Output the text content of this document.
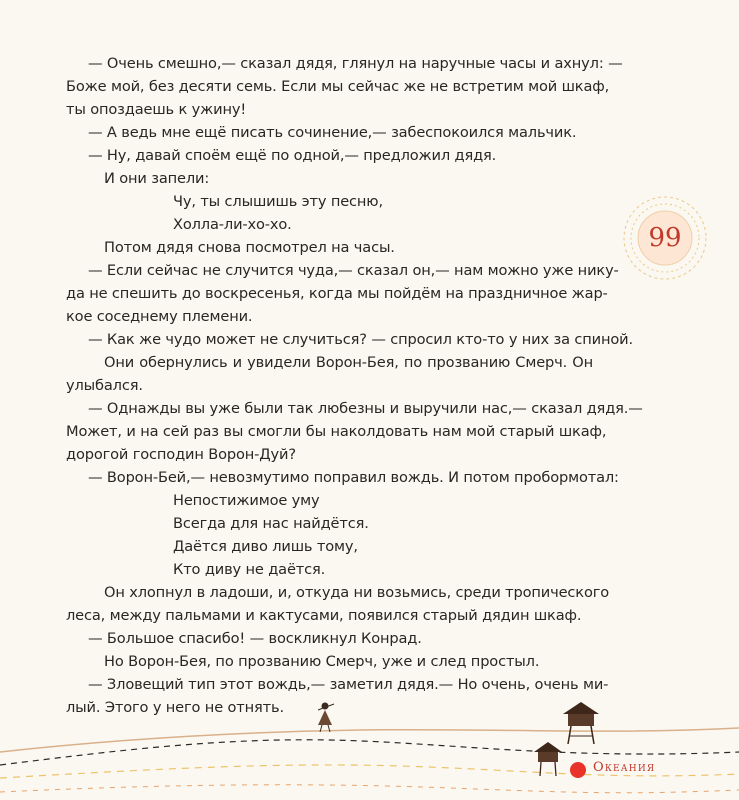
— Очень смешно,— сказал дядя, глянул на наручные часы и ахнул: —
Боже мой, без десяти семь. Если мы сейчас же не встретим мой шкаф,
ты опоздаешь к ужину!
— А ведь мне ещё писать сочинение,— забеспокоился мальчик.
— Ну, давай споём ещё по одной,— предложил дядя.
И они запели:
Чу, ты слышишь эту песню,
Холла-ли-хо-хо.
Потом дядя снова посмотрел на часы.
— Если сейчас не случится чуда,— сказал он,— нам можно уже нику-
да не спешить до воскресенья, когда мы пойдём на праздничное жар-
кое соседнему племени.
— Как же чудо может не случиться? — спросил кто-то у них за спиной.
Они обернулись и увидели Ворон-Бея, по прозванию Смерч. Он
улыбался.
— Однажды вы уже были так любезны и выручили нас,— сказал дядя.—
Может, и на сей раз вы смогли бы наколдовать нам мой старый шкаф,
дорогой господин Ворон-Дуй?
— Ворон-Бей,— невозмутимо поправил вождь. И потом пробормотал:
Непостижимое уму
Всегда для нас найдётся.
Даётся диво лишь тому,
Кто диву не даётся.
Он хлопнул в ладоши, и, откуда ни возьмись, среди тропического
леса, между пальмами и кактусами, появился старый дядин шкаф.
— Большое спасибо! — воскликнул Конрад.
Но Ворон-Бея, по прозванию Смерч, уже и след простыл.
— Зловещий тип этот вождь,— заметил дядя.— Но очень, очень ми-
лый. Этого у него не отнять.
99
Океания
